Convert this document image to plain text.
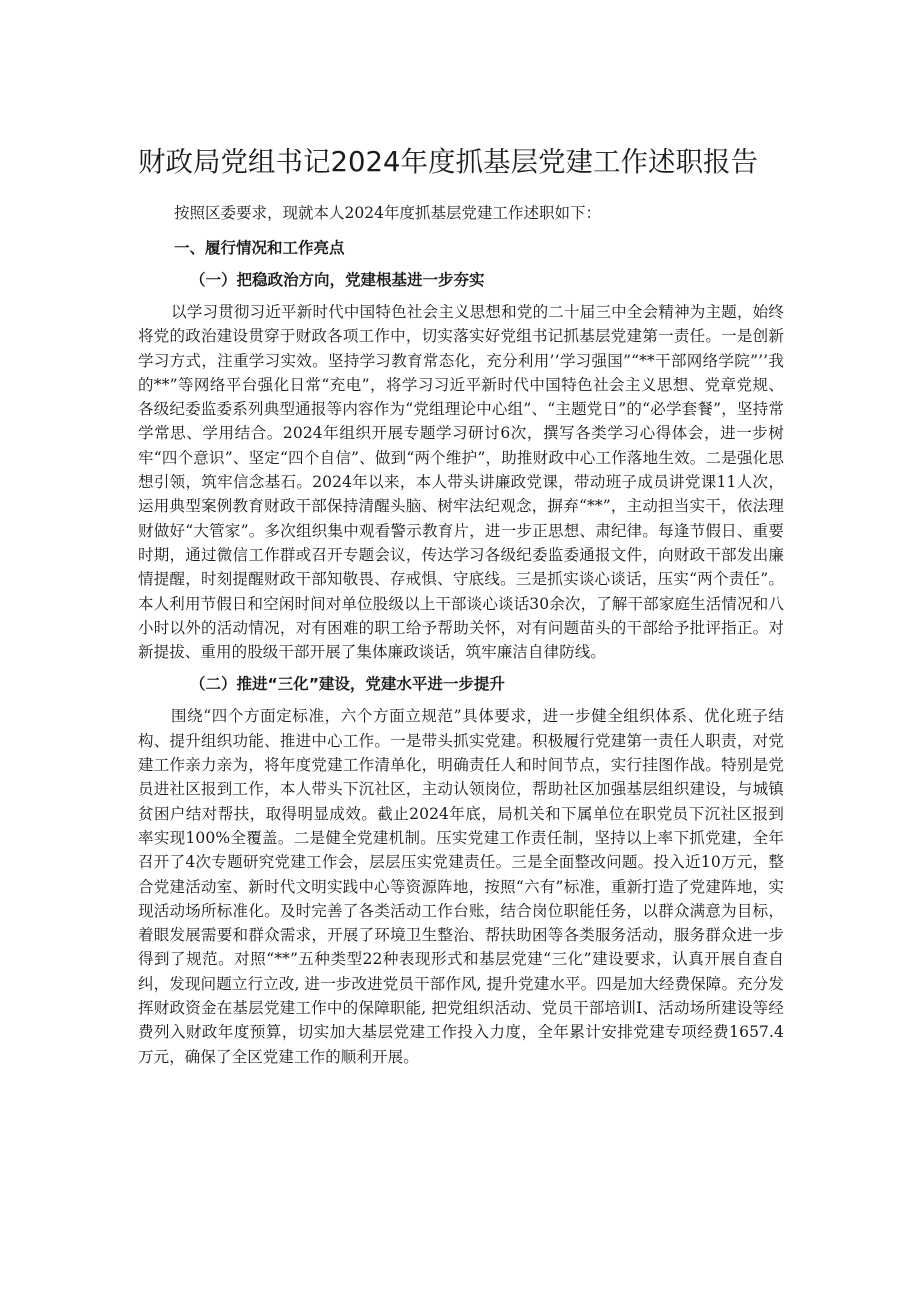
财政局党组书记2024年度抓基层党建工作述职报告

按照区委要求，现就本人2024年度抓基层党建工作述职如下：

一、履行情况和工作亮点

（一）把稳政治方向，党建根基进一步夯实

以学习贯彻习近平新时代中国特色社会主义思想和党的二十届三中全会精神为主题，始终将党的政治建设贯穿于财政各项工作中，切实落实好党组书记抓基层党建第一责任。一是创新学习方式，注重学习实效。坚持学习教育常态化，充分利用’’学习强国”“**干部网络学院”’’我的**”等网络平台强化日常“充电”，将学习习近平新时代中国特色社会主义思想、党章党规、各级纪委监委系列典型通报等内容作为“党组理论中心组”、“主题党日”的“必学套餐”，坚持常学常思、学用结合。2024年组织开展专题学习研讨6次，撰写各类学习心得体会，进一步树牢“四个意识”、坚定“四个自信”、做到“两个维护”，助推财政中心工作落地生效。二是强化思想引领，筑牢信念基石。2024年以来，本人带头讲廉政党课，带动班子成员讲党课11人次，运用典型案例教育财政干部保持清醒头脑、树牢法纪观念，摒弃“**”，主动担当实干，依法理财做好“大管家”。多次组织集中观看警示教育片，进一步正思想、肃纪律。每逢节假日、重要时期，通过微信工作群或召开专题会议，传达学习各级纪委监委通报文件，向财政干部发出廉情提醒，时刻提醒财政干部知敬畏、存戒惧、守底线。三是抓实谈心谈话，压实“两个责任”。本人利用节假日和空闲时间对单位股级以上干部谈心谈话30余次，了解干部家庭生活情况和八小时以外的活动情况，对有困难的职工给予帮助关怀，对有问题苗头的干部给予批评指正。对新提拔、重用的股级干部开展了集体廉政谈话，筑牢廉洁自律防线。

（二）推进“三化”建设，党建水平进一步提升

围绕“四个方面定标准，六个方面立规范”具体要求，进一步健全组织体系、优化班子结构、提升组织功能、推进中心工作。一是带头抓实党建。积极履行党建第一责任人职责，对党建工作亲力亲为，将年度党建工作清单化，明确责任人和时间节点，实行挂图作战。特别是党员进社区报到工作，本人带头下沉社区，主动认领岗位，帮助社区加强基层组织建设，与城镇贫困户结对帮扶，取得明显成效。截止2024年底，局机关和下属单位在职党员下沉社区报到率实现100%全覆盖。二是健全党建机制。压实党建工作责任制，坚持以上率下抓党建，全年召开了4次专题研究党建工作会，层层压实党建责任。三是全面整改问题。投入近10万元，整合党建活动室、新时代文明实践中心等资源阵地，按照“六有”标准，重新打造了党建阵地，实现活动场所标准化。及时完善了各类活动工作台账，结合岗位职能任务，以群众满意为目标，着眼发展需要和群众需求，开展了环境卫生整治、帮扶助困等各类服务活动，服务群众进一步得到了规范。对照“**”五种类型22种表现形式和基层党建“三化”建设要求，认真开展自查自纠，发现问题立行立改, 进一步改进党员干部作风, 提升党建水平。四是加大经费保障。充分发挥财政资金在基层党建工作中的保障职能, 把党组织活动、党员干部培训I、活动场所建设等经费列入财政年度预算，切实加大基层党建工作投入力度，全年累计安排党建专项经费1657.4万元，确保了全区党建工作的顺利开展。
